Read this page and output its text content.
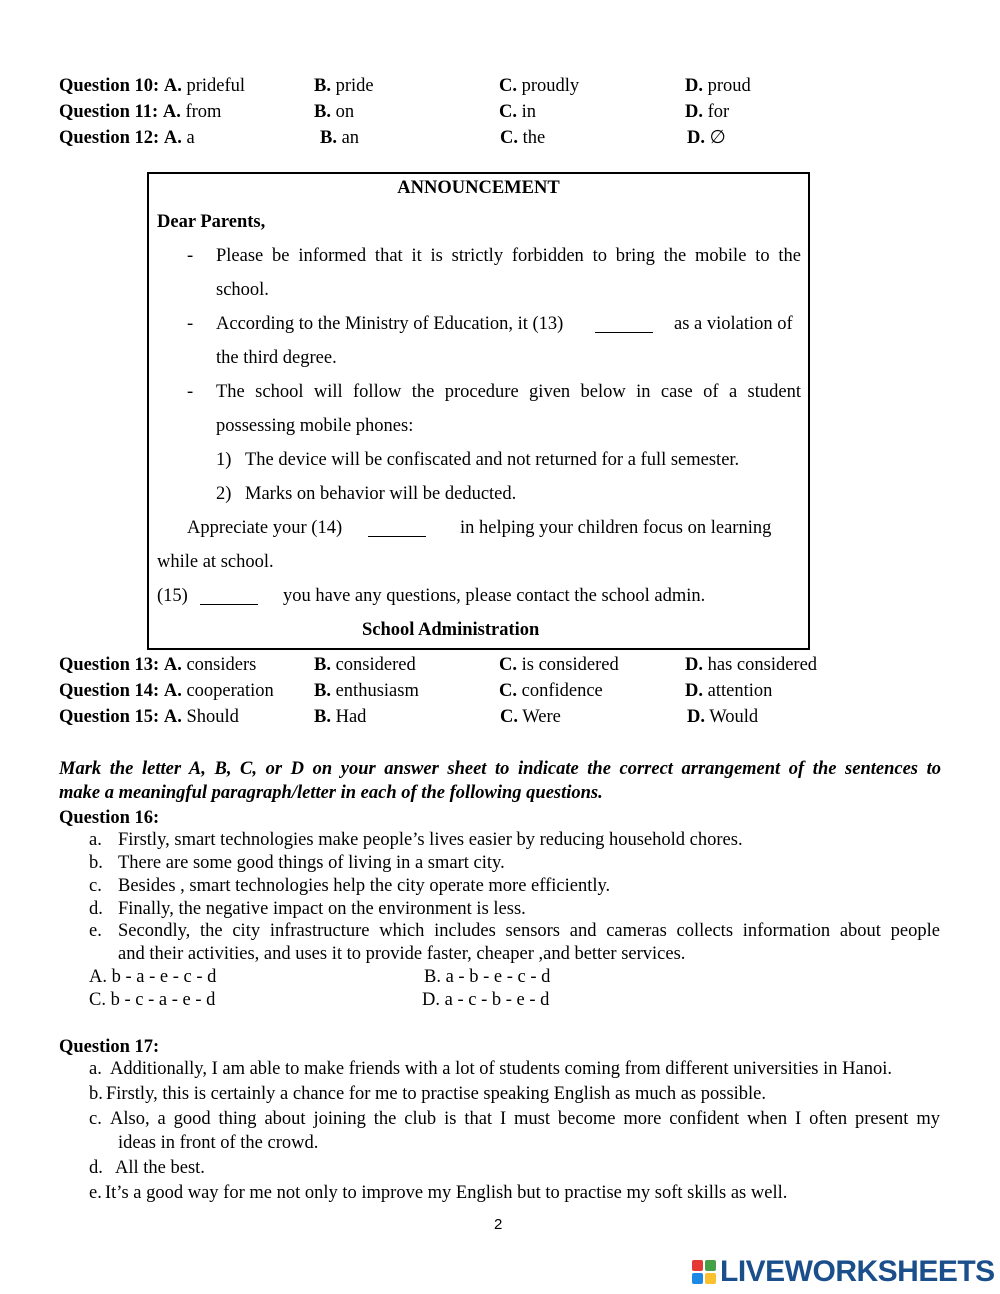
Question 10: A. prideful	B. pride	C. proudly	D. proud
Question 11: A. from	B. on	C. in	D. for
Question 12: A. a	B. an	C. the	D. ∅
ANNOUNCEMENT
Dear Parents,
- Please be informed that it is strictly forbidden to bring the mobile to the
school.
- According to the Ministry of Education, it (13)	as a violation of
the third degree.
- The school will follow the procedure given below in case of a student
possessing mobile phones:
1) The device will be confiscated and not returned for a full semester.
2) Marks on behavior will be deducted.
Appreciate your (14)	in helping your children focus on learning
while at school.
(15)	you have any questions, please contact the school admin.
School Administration
Question 13: A. considers	B. considered	C. is considered	D. has considered
Question 14: A. cooperation B. enthusiasm	C. confidence	D. attention
Question 15: A. Should	B. Had	C. Were	D. Would
Mark the letter A, B, C, or D on your answer sheet to indicate the correct arrangement of the sentences to
make a meaningful paragraph/letter in each of the following questions.
Question 16:
a. Firstly, smart technologies make people’s lives easier by reducing household chores.
b. There are some good things of living in a smart city.
c. Besides , smart technologies help the city operate more efficiently.
d. Finally, the negative impact on the environment is less.
e. Secondly, the city infrastructure which includes sensors and cameras collects information about people
and their activities, and uses it to provide faster, cheaper ,and better services.
A. b - a - e - c - d	B. a - b - e - c - d
C. b - c - a - e - d	D. a - c - b - e - d
Question 17:
a. Additionally, I am able to make friends with a lot of students coming from different universities in Hanoi.
b. Firstly, this is certainly a chance for me to practise speaking English as much as possible.
c. Also, a good thing about joining the club is that I must become more confident when I often present my
ideas in front of the crowd.
d. All the best.
e. It’s a good way for me not only to improve my English but to practise my soft skills as well.
2
LIVEWORKSHEETS
